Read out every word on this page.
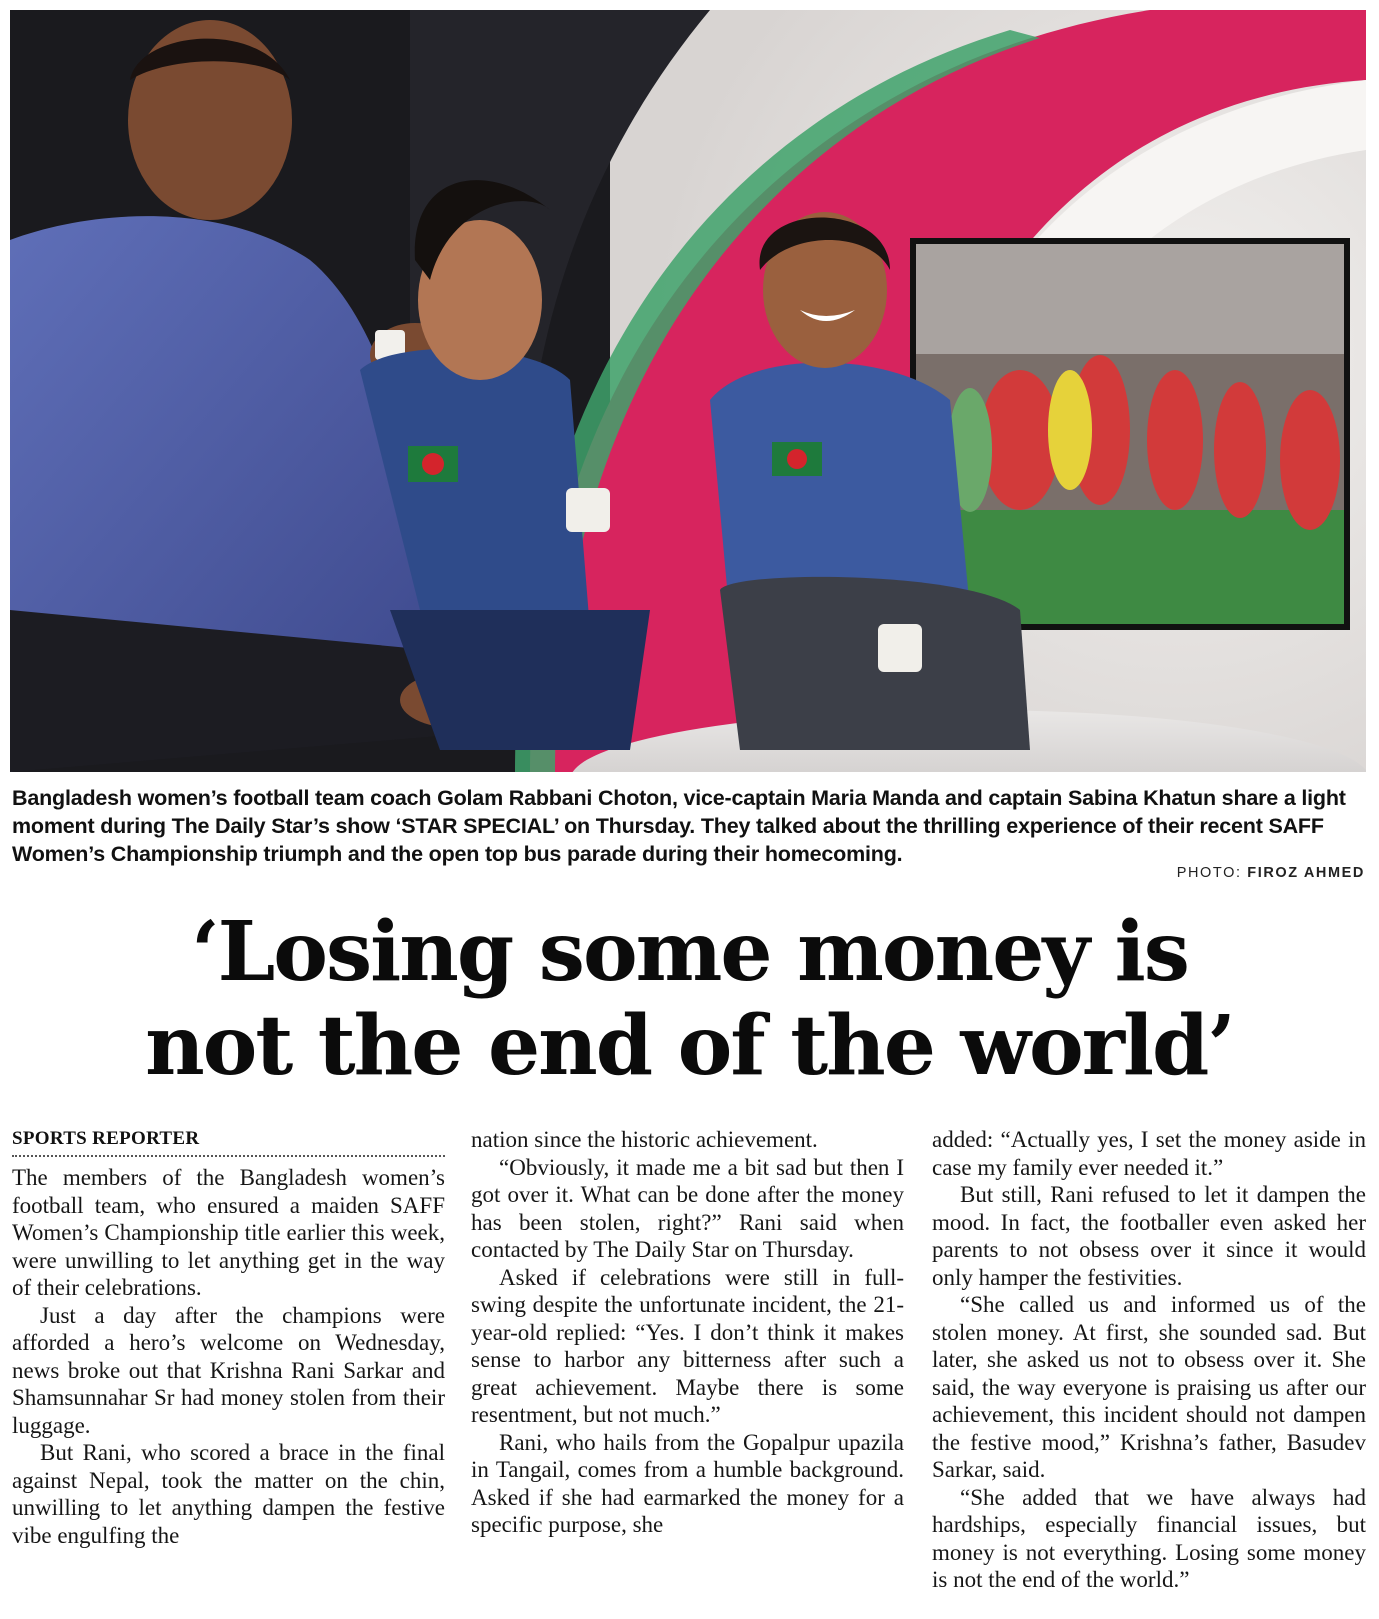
Bangladesh women’s football team coach Golam Rabbani Choton, vice-captain Maria Manda and captain Sabina Khatun share a light moment during The Daily Star’s show ‘STAR SPECIAL’ on Thursday. They talked about the thrilling experience of their recent SAFF Women’s Championship triumph and the open top bus parade during their homecoming.
PHOTO: FIROZ AHMED
‘Losing some money is
not the end of the world’
SPORTS REPORTER

The members of the Bangladesh women’s football team, who ensured a maiden SAFF Women’s Championship title earlier this week, were unwilling to let anything get in the way of their celebrations.

Just a day after the champions were afforded a hero’s welcome on Wednesday, news broke out that Krishna Rani Sarkar and Shamsunnahar Sr had money stolen from their luggage.

But Rani, who scored a brace in the final against Nepal, took the matter on the chin, unwilling to let anything dampen the festive vibe engulfing the

nation since the historic achievement.

“Obviously, it made me a bit sad but then I got over it. What can be done after the money has been stolen, right?” Rani said when contacted by The Daily Star on Thursday.

Asked if celebrations were still in full-swing despite the unfortunate incident, the 21-year-old replied: “Yes. I don’t think it makes sense to harbor any bitterness after such a great achievement. Maybe there is some resentment, but not much.”

Rani, who hails from the Gopalpur upazila in Tangail, comes from a humble background. Asked if she had earmarked the money for a specific purpose, she

added: “Actually yes, I set the money aside in case my family ever needed it.”

But still, Rani refused to let it dampen the mood. In fact, the footballer even asked her parents to not obsess over it since it would only hamper the festivities.

“She called us and informed us of the stolen money. At first, she sounded sad. But later, she asked us not to obsess over it. She said, the way everyone is praising us after our achievement, this incident should not dampen the festive mood,” Krishna’s father, Basudev Sarkar, said.

“She added that we have always had hardships, especially financial issues, but money is not everything. Losing some money is not the end of the world.”
